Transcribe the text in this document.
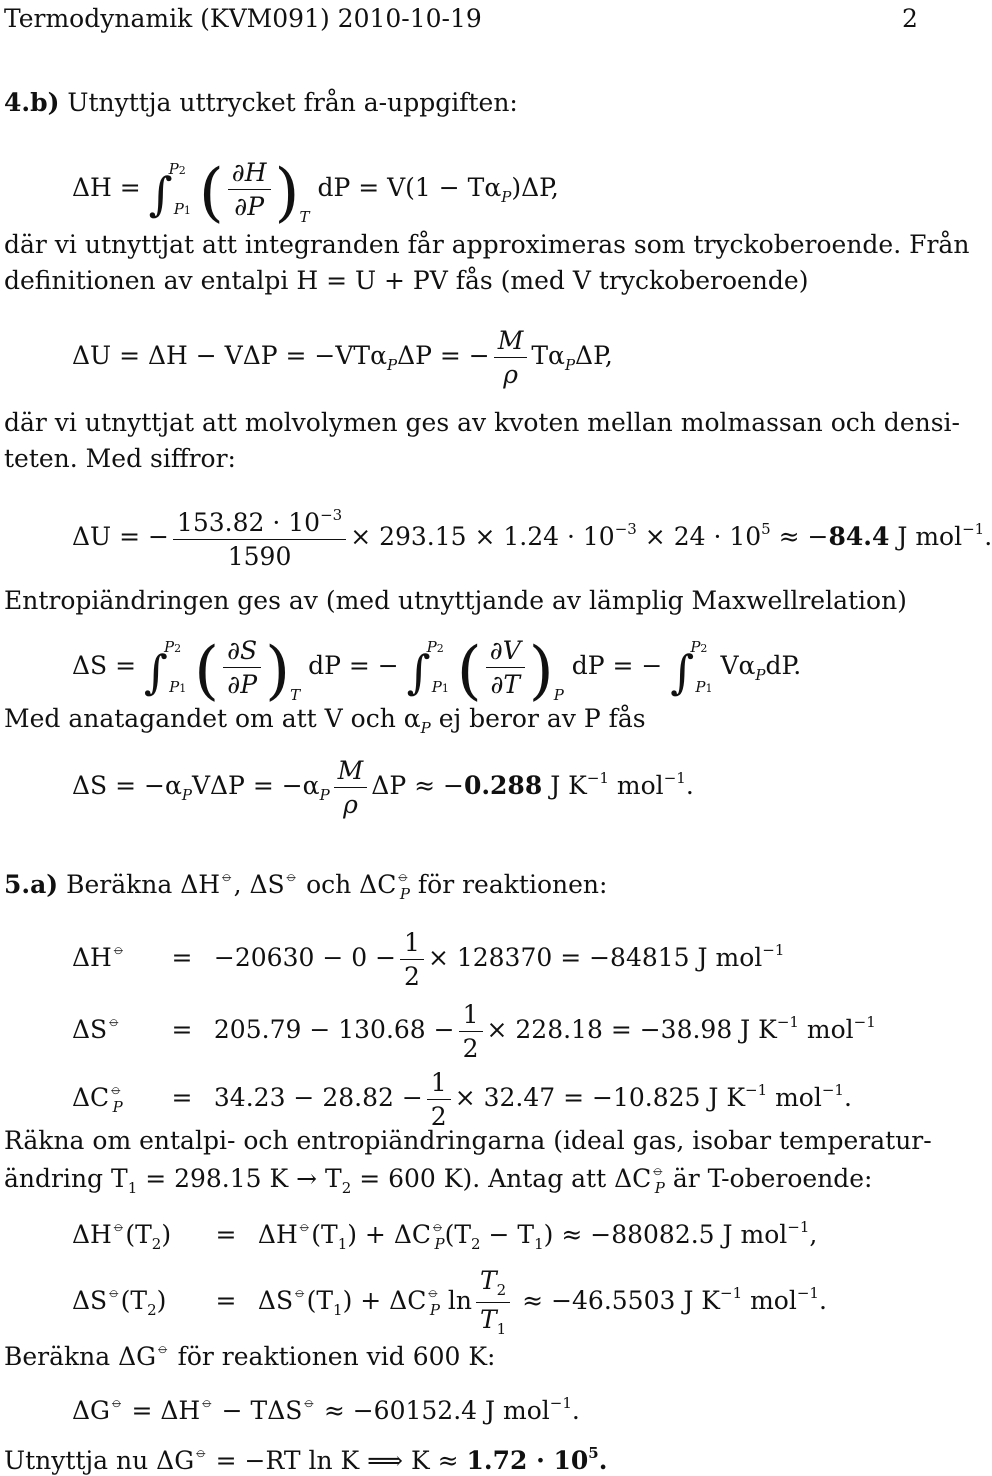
Termodynamik (KVM091) 2010-10-19	2
4.b) Utnyttja uttrycket från a-uppgiften:
ΔH = ∫$^{P2}_{P1}$ ( $\frac{\partial H}{\partial P} )_T$ dP = $V(1 - T\alpha_P)\Delta P$,
där vi utnyttjat att integranden får approximeras som tryckoberoende. Från
definitionen av entalpi H = U + PV fås (med V tryckoberoende)
ΔU = ΔH − VΔP = −VTα$_P$ΔP = − $\frac{M}{\rho} T\alpha_P\Delta P$,
där vi utnyttjat att molvolymen ges av kvoten mellan molmassan och densi-
teten. Med siffror:
ΔU = − $\frac{153.82 \cdot 10^{-3}}{1590} \times 293.15 \times 1.24 \cdot 10^{-3} \times 24 \cdot 10^5 \approx -84.4$ J mol$^{-1}$.
Entropiändringen ges av (med utnyttjande av lämplig Maxwellrelation)
ΔS = ∫$^{P2}_{P1}$ ( $\frac{\partial S}{\partial P} )_T$ dP = − ∫$^{P2}_{P1}$ ( $\frac{\partial V}{\partial T} )_P$ dP = − ∫$^{P2}_{P1}$ $V\alpha_PdP$.
Med anatagandet om att V och $\alpha_P$ ej beror av P fås
$\Delta S = -\alpha_PV\Delta P = -\alpha_P \frac{M}{\rho}$ ΔP ≈ −0.288 J $K^{-1}$ mol$^{-1}$.
5.a) Beräkna ΔH⦵, ΔS⦵ och $\Delta C^⦵_P$ för reaktionen:
$\Delta H^⦵ = -20630 - 0 - \frac{1}{2} \times 128370 = -84815$ J mol$^{-1}$
$\Delta S^⦵ = 205.79 - 130.68 - \frac{1}{2} \times 228.18 = -38.98$ J $K^{-1}$ mol$^{-1}$
$\Delta C^⦵_P = 34.23 - 28.82 - \frac{1}{2} \times 32.47 = -10.825$ J $K^{-1}$ mol$^{-1}$.
Räkna om entalpi- och entropiändringarna (ideal gas, isobar temperatur-
ändring $T_1 = 298.15$ $K \to T_2 = 600$ K). Antag att $\Delta C^⦵_P$ är T-oberoende:
$\Delta H^⦵(T_2) = \Delta H^⦵(T_1) + \Delta C^⦵_P(T_2 - T_1) \approx -88082.5$ J mol$^{-1}$,
$\Delta S^⦵(T_2) = \Delta S^⦵(T_1) + \Delta C^⦵_P$ $\ln \frac{T_2}{T_1} \approx -46.5503$ J $K^{-1}$ mol$^{-1}$.
Beräkna ΔG⦵ för reaktionen vid 600 K:
ΔG⦵ = ΔH⦵ − TΔS⦵ ≈ −60152.4 J mol$^{-1}$.
Utnyttja nu ΔG⦵ = −RT ln K ⟹ $K \approx 1.72 \cdot 10^5$.
